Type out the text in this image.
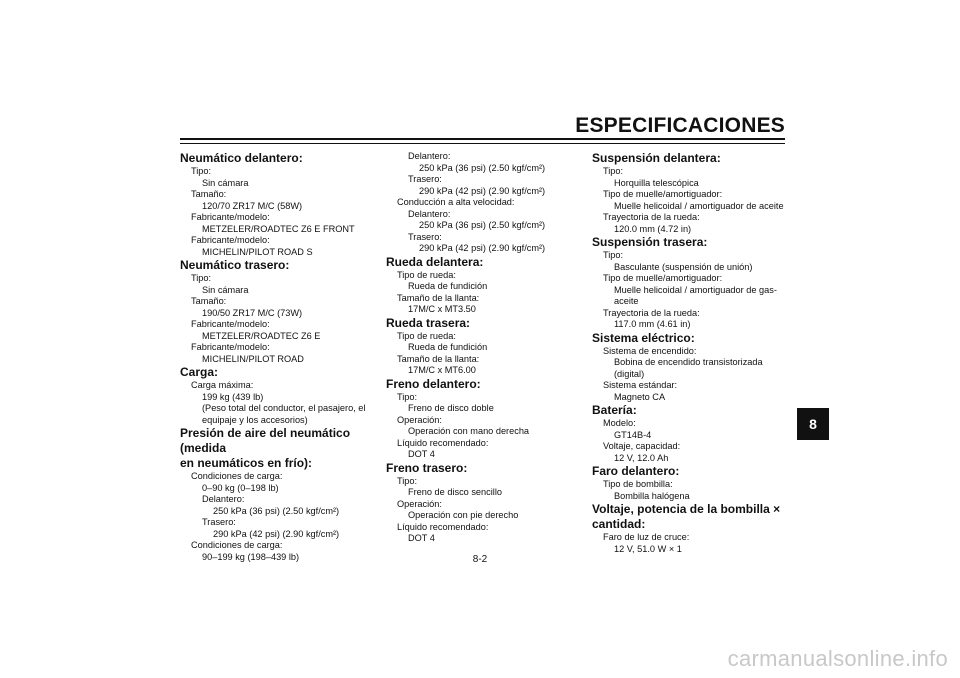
ESPECIFICACIONES
Neumático delantero:
Tipo:
Sin cámara
Tamaño:
120/70 ZR17 M/C (58W)
Fabricante/modelo:
METZELER/ROADTEC Z6 E FRONT
Fabricante/modelo:
MICHELIN/PILOT ROAD S
Neumático trasero:
Tipo:
Sin cámara
Tamaño:
190/50 ZR17 M/C (73W)
Fabricante/modelo:
METZELER/ROADTEC Z6 E
Fabricante/modelo:
MICHELIN/PILOT ROAD
Carga:
Carga máxima:
199 kg (439 lb)
(Peso total del conductor, el pasajero, el
equipaje y los accesorios)
Presión de aire del neumático (medida
en neumáticos en frío):
Condiciones de carga:
0–90 kg (0–198 lb)
Delantero:
250 kPa (36 psi) (2.50 kgf/cm²)
Trasero:
290 kPa (42 psi) (2.90 kgf/cm²)
Condiciones de carga:
90–199 kg (198–439 lb)
Delantero:
250 kPa (36 psi) (2.50 kgf/cm²)
Trasero:
290 kPa (42 psi) (2.90 kgf/cm²)
Conducción a alta velocidad:
Delantero:
250 kPa (36 psi) (2.50 kgf/cm²)
Trasero:
290 kPa (42 psi) (2.90 kgf/cm²)
Rueda delantera:
Tipo de rueda:
Rueda de fundición
Tamaño de la llanta:
17M/C x MT3.50
Rueda trasera:
Tipo de rueda:
Rueda de fundición
Tamaño de la llanta:
17M/C x MT6.00
Freno delantero:
Tipo:
Freno de disco doble
Operación:
Operación con mano derecha
Líquido recomendado:
DOT 4
Freno trasero:
Tipo:
Freno de disco sencillo
Operación:
Operación con pie derecho
Líquido recomendado:
DOT 4
Suspensión delantera:
Tipo:
Horquilla telescópica
Tipo de muelle/amortiguador:
Muelle helicoidal / amortiguador de aceite
Trayectoria de la rueda:
120.0 mm (4.72 in)
Suspensión trasera:
Tipo:
Basculante (suspensión de unión)
Tipo de muelle/amortiguador:
Muelle helicoidal / amortiguador de gas-
aceite
Trayectoria de la rueda:
117.0 mm (4.61 in)
Sistema eléctrico:
Sistema de encendido:
Bobina de encendido transistorizada
(digital)
Sistema estándar:
Magneto CA
Batería:
Modelo:
GT14B-4
Voltaje, capacidad:
12 V, 12.0 Ah
Faro delantero:
Tipo de bombilla:
Bombilla halógena
Voltaje, potencia de la bombilla ×
cantidad:
Faro de luz de cruce:
12 V, 51.0 W × 1
8
8-2
carmanualsonline.info
